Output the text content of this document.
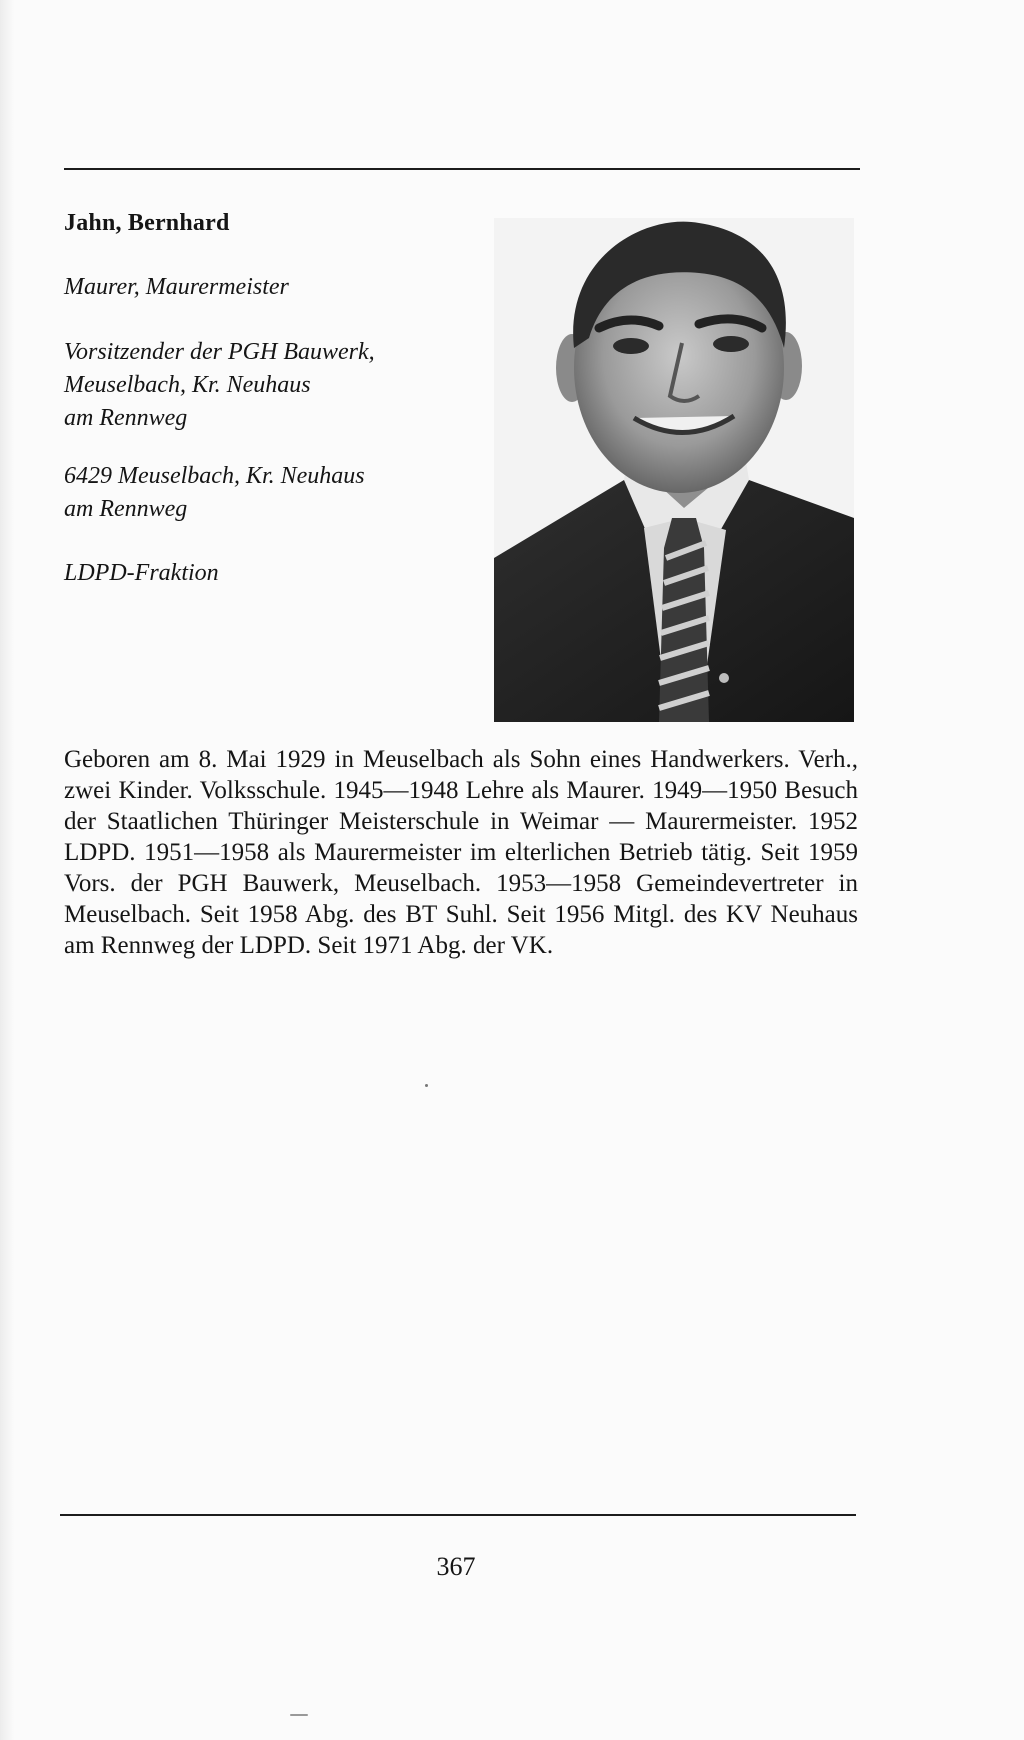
Jahn, Bernhard
Maurer, Maurermeister
Vorsitzender der PGH Bauwerk,
Meuselbach, Kr. Neuhaus
am Rennweg
6429 Meuselbach, Kr. Neuhaus
am Rennweg
LDPD-Fraktion
Geboren am 8. Mai 1929 in Meuselbach als Sohn eines Handwerkers. Verh., zwei Kinder. Volksschule. 1945—1948 Lehre als Maurer. 1949—1950 Besuch der Staatlichen Thüringer Meisterschule in Weimar — Maurermeister. 1952 LDPD. 1951—1958 als Maurermeister im elterlichen Betrieb tätig. Seit 1959 Vors. der PGH Bauwerk, Meuselbach. 1953—1958 Gemeindevertreter in Meuselbach. Seit 1958 Abg. des BT Suhl. Seit 1956 Mitgl. des KV Neuhaus am Rennweg der LDPD. Seit 1971 Abg. der VK.
367
